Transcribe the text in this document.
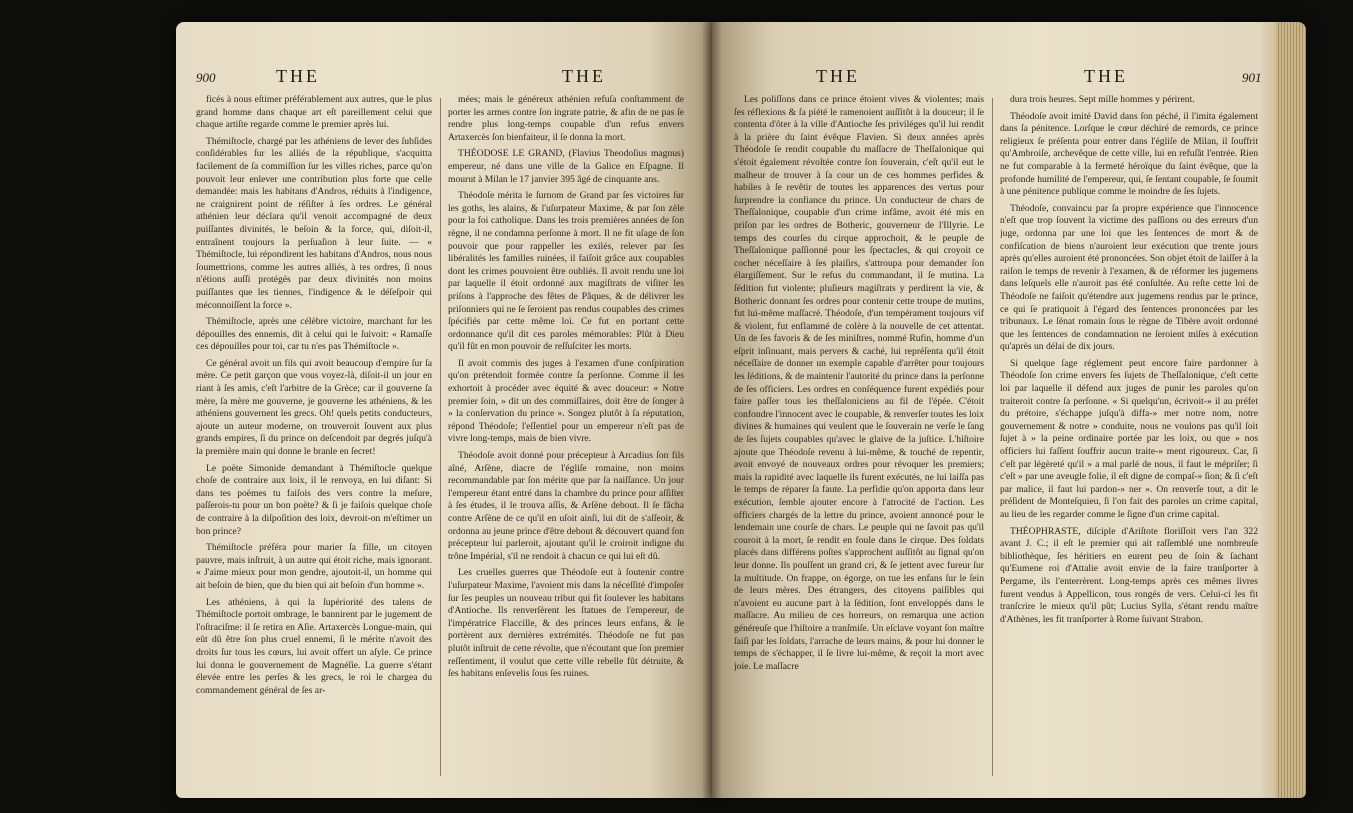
900	THE	THE

ficés à nous eſtimer préférablement aux autres, que le plus grand homme dans chaque art eſt pareillement celui que chaque artiſte regarde comme le premier après lui.

Thémiſtocle, chargé par les athéniens de lever des ſubſides conſidérables ſur les alliés de la république, s'acquitta facilement de ſa commiſſion ſur les villes riches, parce qu'on pouvoit leur enlever une contribution plus forte que celle demandée: mais les habitans d'Andros, réduits à l'indigence, ne craignirent point de réſiſter à ſes ordres. Le général athénien leur déclara qu'il venoit accompagné de deux puiſſantes divinités, le beſoin & la force, qui, diſoit-il, entraînent toujours la perſuaſion à leur ſuite. — « Thémiſtocle, lui répondirent les habitans d'Andros, nous nous ſoumettrions, comme les autres alliés, à tes ordres, ſi nous n'étions auſſi protégés par deux divinités non moins puiſſantes que les tiennes, l'indigence & le déſeſpoir qui méconnoiſſent la force ».

Thémiſtocle, après une célèbre victoire, marchant ſur les dépouilles des ennemis, dit à celui qui le ſuivoit: « Ramaſſe ces dépouilles pour toi, car tu n'es pas Thémiſtocle ».

Ce général avoit un fils qui avoit beaucoup d'empire ſur ſa mère. Ce petit garçon que vous voyez-là, diſoit-il un jour en riant à ſes amis, c'eſt l'arbitre de la Grèce; car il gouverne ſa mère, ſa mère me gouverne, je gouverne les athéniens, & les athéniens gouvernent les grecs. Oh! quels petits conducteurs, ajoute un auteur moderne, on trouveroit ſouvent aux plus grands empires, ſi du prince on deſcendoit par degrés juſqu'à la première main qui donne le branle en ſecret!

Le poëte Simonide demandant à Thémiſtocle quelque choſe de contraire aux loix, il le renvoya, en lui diſant: Si dans tes poëmes tu faiſois des vers contre la meſure, paſſerois-tu pour un bon poëte? & ſi je faiſois quelque choſe de contraire à la diſpoſition des loix, devroit-on m'eſtimer un bon prince?

Thémiſtocle préféra pour marier ſa fille, un citoyen pauvre, mais inſtruit, à un autre qui étoit riche, mais ignorant. « J'aime mieux pour mon gendre, ajoutoit-il, un homme qui ait beſoin de bien, que du bien qui ait beſoin d'un homme ».

Les athéniens, à qui la ſupériorité des talens de Thémiſtocle portoit ombrage, le bannirent par le jugement de l'oſtraciſme: il ſe retira en Aſie. Artaxercès Longue-main, qui eût dû être ſon plus cruel ennemi, ſi le mérite n'avoit des droits ſur tous les cœurs, lui avoit offert un aſyle. Ce prince lui donna le gouvernement de Magnéſie. La guerre s'étant élevée entre les perſes & les grecs, le roi le chargea du commandement général de ſes ar-

mées; mais le généreux athénien refuſa conſtamment de porter les armes contre ſon ingrate patrie, & afin de ne pas ſe rendre plus long-temps coupable d'un refus envers Artaxercès ſon bienfaiteur, il ſe donna la mort.

THÉODOSE LE GRAND, (Flavius Theodoſius magnus) empereur, né dans une ville de la Galice en Eſpagne. Il mourut à Milan le 17 janvier 395 âgé de cinquante ans.

Théodoſe mérita le ſurnom de Grand par ſes victoires ſur les goths, les alains, & l'uſurpateur Maxime, & par ſon zèle pour la foi catholique. Dans les trois premières années de ſon règne, il ne condamna perſonne à mort. Il ne fit uſage de ſon pouvoir que pour rappeller les exilés, relever par ſes libéralités les familles ruinées, il faiſoit grâce aux coupables dont les crimes pouvoient être oubliés. Il avoit rendu une loi par laquelle il étoit ordonné aux magiſtrats de viſiter les priſons à l'approche des fêtes de Pâques, & de délivrer les priſonniers qui ne ſe ſeroient pas rendus coupables des crimes ſpécifiés par cette même loi. Ce fut en portant cette ordonnance qu'il dit ces paroles mémorables: Plût à Dieu qu'il fût en mon pouvoir de reſſuſciter les morts.

Il avoit commis des juges à l'examen d'une conſpiration qu'on prétendoit formée contre ſa perſonne. Comme il les exhortoit à procéder avec équité & avec douceur: « Notre premier ſoin, » dit un des commiſſaires, doit être de ſonger à » la conſervation du prince ». Songez plutôt à ſa réputation, répond Théodoſe; l'eſſentiel pour un empereur n'eſt pas de vivre long-temps, mais de bien vivre.

Théodoſe avoit donné pour précepteur à Arcadius ſon fils aîné, Arſène, diacre de l'égliſe romaine, non moins recommandable par ſon mérite que par ſa naiſſance. Un jour l'empereur étant entré dans la chambre du prince pour aſſiſter à ſes études, il le trouva aſſis, & Arſène debout. Il ſe fâcha contre Arſène de ce qu'il en uſoit ainſi, lui dit de s'aſſeoir, & ordonna au jeune prince d'être debout & découvert quand ſon précepteur lui parleroit, ajoutant qu'il le croiroit indigne du trône Impérial, s'il ne rendoit à chacun ce qui lui eſt dû.

Les cruelles guerres que Théodoſe eut à ſoutenir contre l'uſurpateur Maxime, l'avoient mis dans la néceſſité d'impoſer ſur ſes peuples un nouveau tribut qui fit ſoulever les habitans d'Antioche. Ils renverſèrent les ſtatues de l'empereur, de l'impératrice Flaccille, & des princes leurs enfans, & ſe portèrent aux dernières extrémités. Théodoſe ne fut pas plutôt inſtruit de cette révolte, que n'écoutant que ſon premier reſſentiment, il voulut que cette ville rebelle fût détruite, & ſes habitans enſevelis ſous ſes ruines.

THE	THE	901

Les poliſſons dans ce prince étoient vives & violentes; mais ſes réflexions & ſa piété le ramenoient auſſitôt à la douceur; il ſe contenta d'ôter à la ville d'Antioche ſes priviléges qu'il lui rendit à la prière du ſaint évêque Flavien. Si deux années après Théodoſe ſe rendit coupable du maſſacre de Theſſalonique qui s'étoit également révoltée contre ſon ſouverain, c'eſt qu'il eut le malheur de trouver à ſa cour un de ces hommes perfides & habiles à ſe revêtir de toutes les apparences des vertus pour ſurprendre la confiance du prince. Un conducteur de chars de Theſſalonique, coupable d'un crime infâme, avoit été mis en priſon par les ordres de Botheric, gouverneur de l'Illyrie. Le temps des courſes du cirque approchoit, & le peuple de Theſſalonique paſſionné pour les ſpectacles, & qui croyoit ce cocher néceſſaire à ſes plaiſirs, s'attroupa pour demander ſon élargiſſement. Sur le refus du commandant, il ſe mutina. La ſédition fut violente; pluſieurs magiſtrats y perdirent la vie, & Botheric donnant ſes ordres pour contenir cette troupe de mutins, fut lui-même maſſacré. Théodoſe, d'un tempérament toujours vif & violent, fut enflammé de colère à la nouvelle de cet attentat. Un de ſes favoris & de ſes miniſtres, nommé Rufin, homme d'un eſprit inſinuant, mais pervers & caché, lui repréſenta qu'il étoit néceſſaire de donner un exemple capable d'arrêter pour toujours les ſéditions, & de maintenir l'autorité du prince dans la perſonne de ſes officiers. Les ordres en conſéquence furent expédiés pour faire paſſer tous les theſſaloniciens au fil de l'épée. C'étoit confondre l'innocent avec le coupable, & renverſer toutes les loix divines & humaines qui veulent que le ſouverain ne verſe le ſang de ſes ſujets coupables qu'avec le glaive de la juſtice. L'hiſtoire ajoute que Théodoſe revenu à lui-même, & touché de repentir, avoit envoyé de nouveaux ordres pour révoquer les premiers; mais la rapidité avec laquelle ils furent exécutés, ne lui laiſſa pas le temps de réparer ſa faute. La perfidie qu'on apporta dans leur exécution, ſemble ajouter encore à l'atrocité de l'action. Les officiers chargés de la lettre du prince, avoient annoncé pour le lendemain une courſe de chars. Le peuple qui ne ſavoit pas qu'il couroit à la mort, ſe rendit en foule dans le cirque. Des ſoldats placés dans différens poſtes s'approchent auſſitôt au ſignal qu'on leur donne. Ils pouſſent un grand cri, & ſe jettent avec fureur ſur la multitude. On frappe, on égorge, on tue les enfans ſur le ſein de leurs mères. Des étrangers, des citoyens paiſibles qui n'avoient eu aucune part à la ſédition, ſont enveloppés dans le maſſacre. Au milieu de ces horreurs, on remarqua une action généreuſe que l'hiſtoire a tranſmiſe. Un eſclave voyant ſon maître ſaiſi par les ſoldats, l'arrache de leurs mains, & pour lui donner le temps de s'échapper, il ſe livre lui-même, & reçoit la mort avec joie. Le maſſacre

dura trois heures. Sept mille hommes y périrent.

Théodoſe avoit imité David dans ſon péché, il l'imita également dans ſa pénitence. Lorſque le cœur déchiré de remords, ce prince religieux ſe préſenta pour entrer dans l'égliſe de Milan, il ſouffrit qu'Ambroiſe, archevêque de cette ville, lui en refuſât l'entrée. Rien ne fut comparable à la fermeté héroïque du ſaint évêque, que la profonde humilité de l'empereur, qui, ſe ſentant coupable, ſe ſoumit à une pénitence publique comme le moindre de ſes ſujets.

Théodoſe, convaincu par ſa propre expérience que l'innocence n'eſt que trop ſouvent la victime des paſſions ou des erreurs d'un juge, ordonna par une loi que les ſentences de mort & de confiſcation de biens n'auroient leur exécution que trente jours après qu'elles auroient été prononcées. Son objet étoit de laiſſer à la raiſon le temps de revenir à l'examen, & de réformer les jugemens dans leſquels elle n'auroit pas été conſultée. Au reſte cette loi de Théodoſe ne faiſoit qu'étendre aux jugemens rendus par le prince, ce qui ſe pratiquoit à l'égard des ſentences prononcées par les tribunaux. Le ſénat romain ſous le règne de Tibère avoit ordonné que les ſentences de condamnation ne ſeroient miſes à exécution qu'après un délai de dix jours.

Si quelque ſage réglement peut encore faire pardonner à Théodoſe ſon crime envers ſes ſujets de Theſſalonique, c'eſt cette loi par laquelle il défend aux juges de punir les paroles qu'on traiteroit contre ſa perſonne. « Si quelqu'un, écrivoit-» il au préfet du prétoire, s'échappe juſqu'à diffa-» mer notre nom, notre gouvernement & notre » conduite, nous ne voulons pas qu'il ſoit ſujet à » la peine ordinaire portée par les loix, ou que » nos officiers lui faſſent ſouffrir aucun traite-» ment rigoureux. Car, ſi c'eſt par légèreté qu'il » a mal parlé de nous, il faut le mépriſer; ſi c'eſt » par une aveugle folie, il eſt digne de compaſ-» ſion; & ſi c'eſt par malice, il faut lui pardon-» ner ». On renverſe tout, a dit le préſident de Monteſquieu, ſi l'on fait des paroles un crime capital, au lieu de les regarder comme le ſigne d'un crime capital.

THÉOPHRASTE, diſciple d'Ariſtote floriſſoit vers l'an 322 avant J. C.; il eſt le premier qui ait raſſemblé une nombreuſe bibliothèque, ſes héritiers en eurent peu de ſoin & ſachant qu'Eumene roi d'Attalie avoit envie de la faire tranſporter à Pergame, ils l'enterrèrent. Long-temps après ces mêmes livres furent vendus à Appellicon, tous rongés de vers. Celui-ci les fit tranſcrire le mieux qu'il pût; Lucius Sylla, s'étant rendu maître d'Athènes, les fit tranſporter à Rome ſuivant Strabon.
